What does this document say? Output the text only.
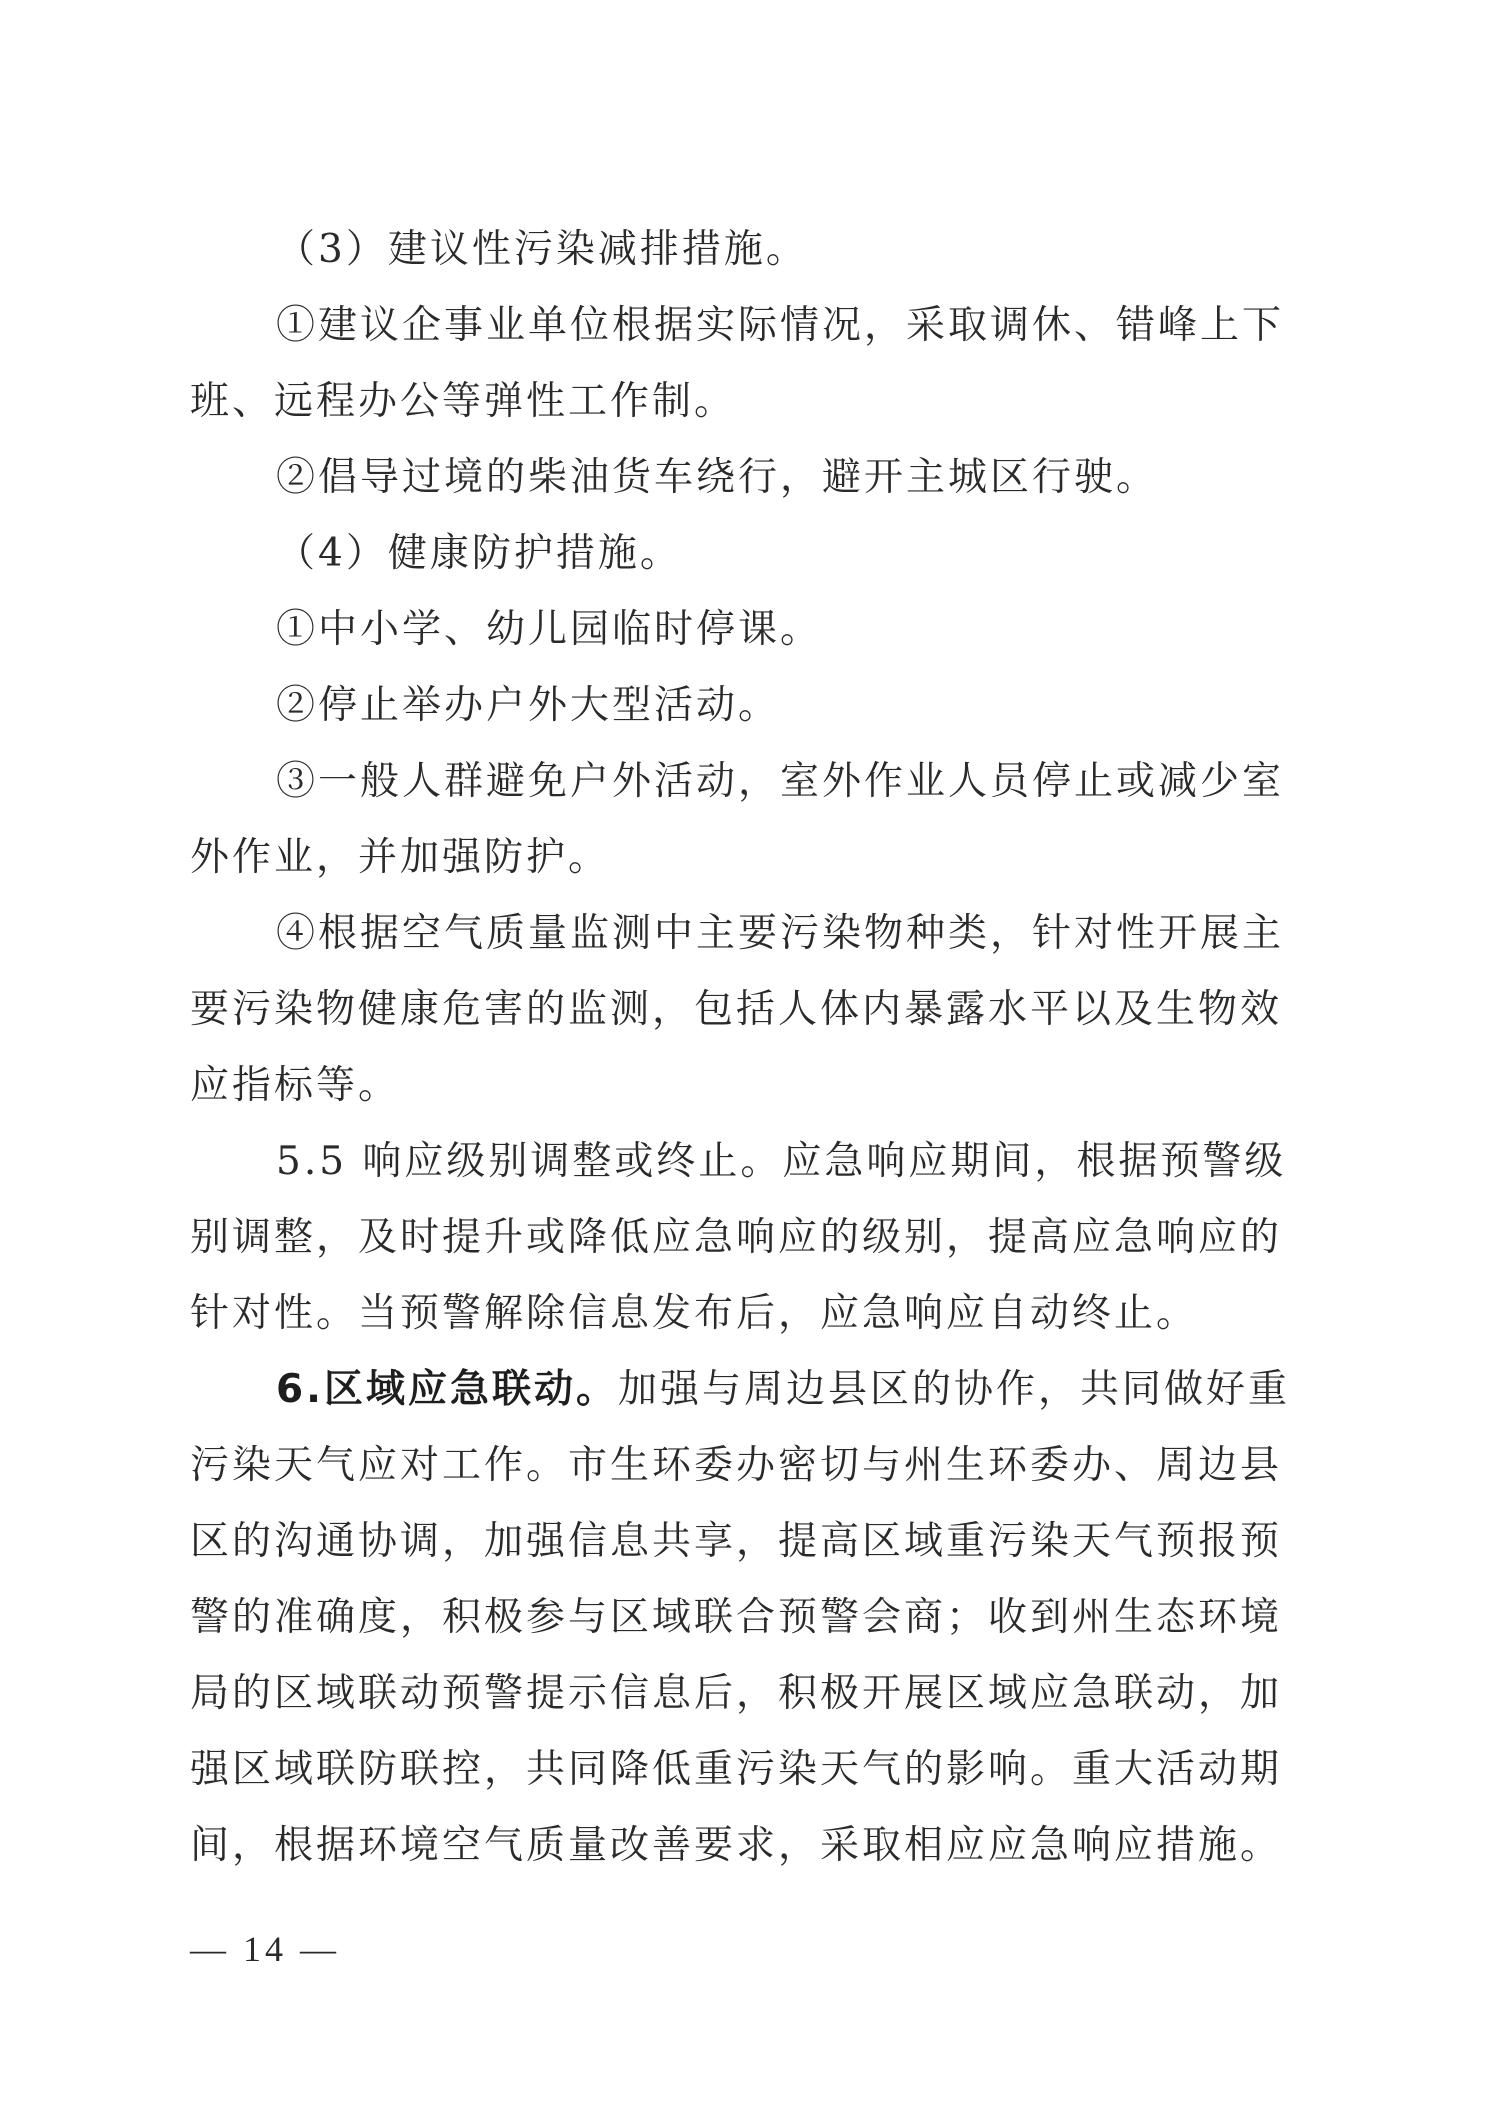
（3）建议性污染减排措施。

①建议企事业单位根据实际情况，采取调休、错峰上下班、远程办公等弹性工作制。

②倡导过境的柴油货车绕行，避开主城区行驶。

（4）健康防护措施。

①中小学、幼儿园临时停课。

②停止举办户外大型活动。

③一般人群避免户外活动，室外作业人员停止或减少室外作业，并加强防护。

④根据空气质量监测中主要污染物种类，针对性开展主要污染物健康危害的监测，包括人体内暴露水平以及生物效应指标等。

5.5 响应级别调整或终止。应急响应期间，根据预警级别调整，及时提升或降低应急响应的级别，提高应急响应的针对性。当预警解除信息发布后，应急响应自动终止。

6.区域应急联动。加强与周边县区的协作，共同做好重污染天气应对工作。市生环委办密切与州生环委办、周边县区的沟通协调，加强信息共享，提高区域重污染天气预报预警的准确度，积极参与区域联合预警会商；收到州生态环境局的区域联动预警提示信息后，积极开展区域应急联动，加强区域联防联控，共同降低重污染天气的影响。重大活动期间，根据环境空气质量改善要求，采取相应应急响应措施。

— 14 —
